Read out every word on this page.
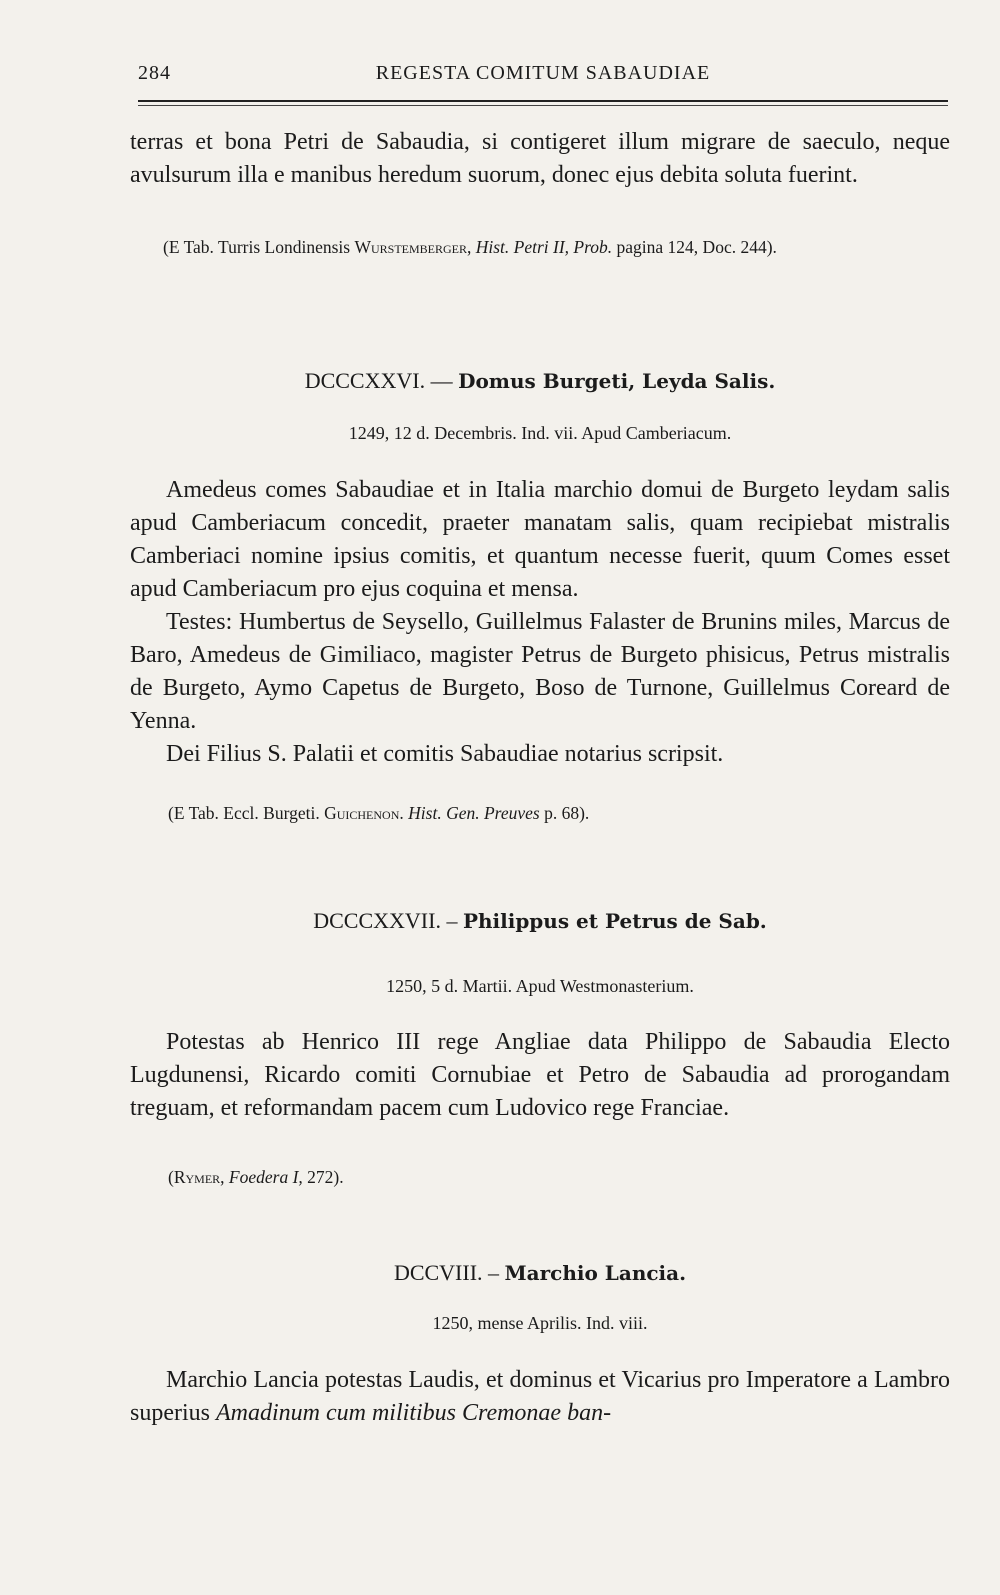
284	REGESTA COMITUM SABAUDIAE

terras et bona Petri de Sabaudia, si contigeret illum migrare de saeculo, neque avulsurum illa e manibus heredum suorum, donec ejus debita soluta fuerint.

(E Tab. Turris Londinensis Wurstemberger, Hist. Petri II, Prob. pagina 124, Doc. 244).

DCCCXXVI. — Domus Burgeti, Leyda Salis.

1249, 12 d. Decembris. Ind. vii. Apud Camberiacum.

Amedeus comes Sabaudiae et in Italia marchio domui de Burgeto leydam salis apud Camberiacum concedit, praeter manatam salis, quam recipiebat mistralis Camberiaci nomine ipsius comitis, et quantum necesse fuerit, quum Comes esset apud Camberiacum pro ejus coquina et mensa.

Testes: Humbertus de Seysello, Guillelmus Falaster de Brunins miles, Marcus de Baro, Amedeus de Gimiliaco, magister Petrus de Burgeto phisicus, Petrus mistralis de Burgeto, Aymo Capetus de Burgeto, Boso de Turnone, Guillelmus Coreard de Yenna.

Dei Filius S. Palatii et comitis Sabaudiae notarius scripsit.

(E Tab. Eccl. Burgeti. Guichenon. Hist. Gen. Preuves p. 68).

DCCCXXVII. – Philippus et Petrus de Sab.

1250, 5 d. Martii. Apud Westmonasterium.

Potestas ab Henrico III rege Angliae data Philippo de Sabaudia Electo Lugdunensi, Ricardo comiti Cornubiae et Petro de Sabaudia ad prorogandam treguam, et reformandam pacem cum Ludovico rege Franciae.

(Rymer, Foedera I, 272).

DCCVIII. – Marchio Lancia.

1250, mense Aprilis. Ind. viii.

Marchio Lancia potestas Laudis, et dominus et Vicarius pro Imperatore a Lambro superius Amadinum cum militibus Cremonae ban-
